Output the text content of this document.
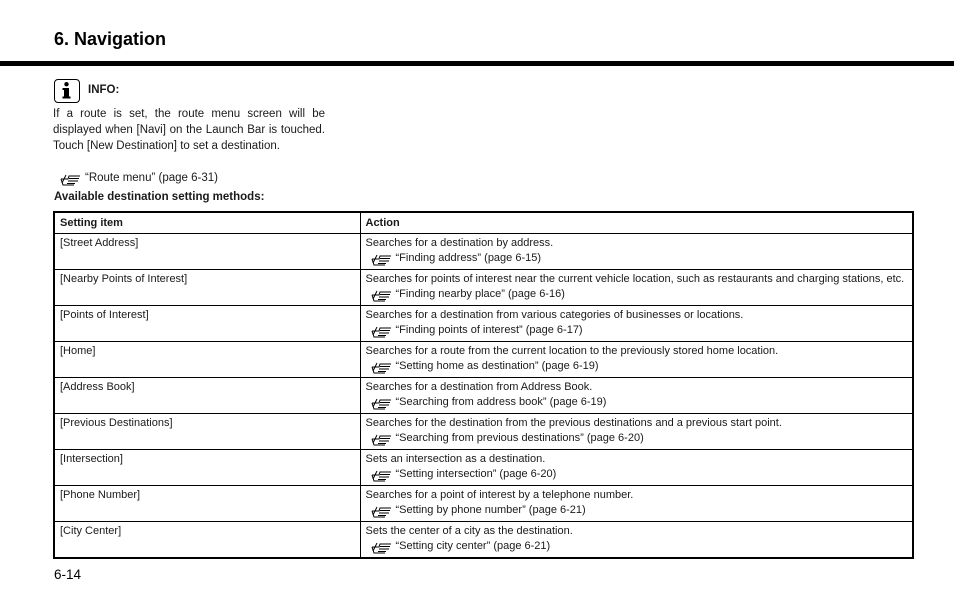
6. Navigation
INFO:
If a route is set, the route menu screen will be displayed when [Navi] on the Launch Bar is touched. Touch [New Destination] to set a destination.
“Route menu” (page 6-31)
Available destination setting methods:
Setting item	Action
[Street Address]	Searches for a destination by address.
“Finding address” (page 6-15)

[Nearby Points of Interest]	Searches for points of interest near the current vehicle location, such as restaurants and charging stations, etc.
“Finding nearby place” (page 6-16)

[Points of Interest]	Searches for a destination from various categories of businesses or locations.
“Finding points of interest” (page 6-17)

[Home]	Searches for a route from the current location to the previously stored home location.
“Setting home as destination” (page 6-19)

[Address Book]	Searches for a destination from Address Book.
“Searching from address book” (page 6-19)

[Previous Destinations]	Searches for the destination from the previous destinations and a previous start point.
“Searching from previous destinations” (page 6-20)

[Intersection]	Sets an intersection as a destination.
“Setting intersection” (page 6-20)

[Phone Number]	Searches for a point of interest by a telephone number.
“Setting by phone number” (page 6-21)

[City Center]	Sets the center of a city as the destination.
“Setting city center” (page 6-21)
6-14
